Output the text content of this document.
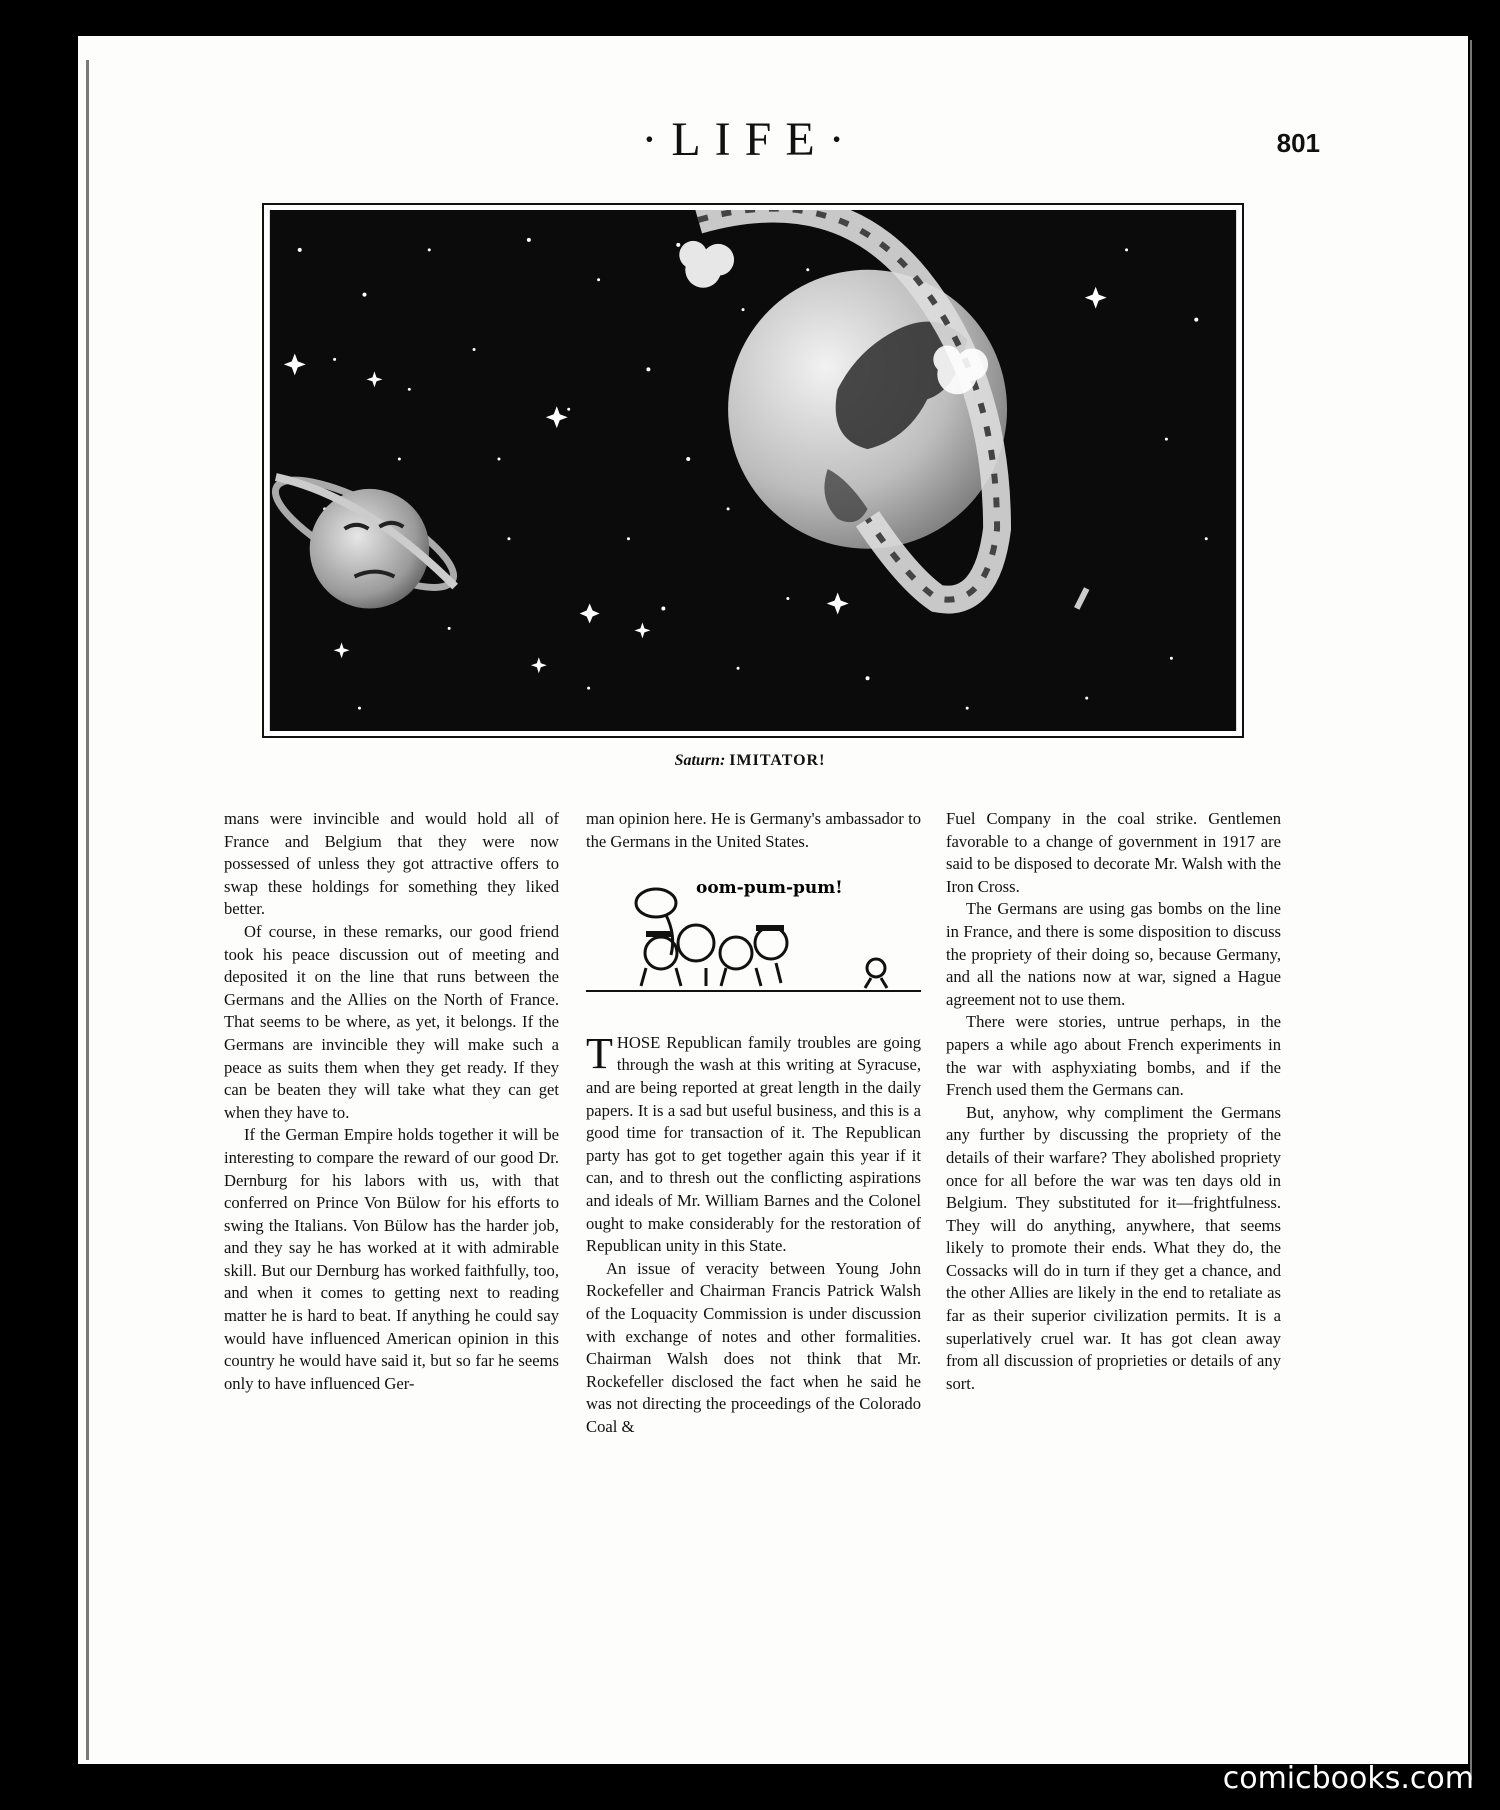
·LIFE·	801
Saturn: IMITATOR!

mans were invincible and would hold all of France and Belgium that they were now possessed of unless they got attractive offers to swap these holdings for something they liked better.

Of course, in these remarks, our good friend took his peace discussion out of meeting and deposited it on the line that runs between the Germans and the Allies on the North of France. That seems to be where, as yet, it belongs. If the Germans are invincible they will make such a peace as suits them when they get ready. If they can be beaten they will take what they can get when they have to.

If the German Empire holds together it will be interesting to compare the reward of our good Dr. Dernburg for his labors with us, with that conferred on Prince Von Bülow for his efforts to swing the Italians. Von Bülow has the harder job, and they say he has worked at it with admirable skill. But our Dernburg has worked faithfully, too, and when it comes to getting next to reading matter he is hard to beat. If anything he could say would have influenced American opinion in this country he would have said it, but so far he seems only to have influenced Ger-

man opinion here. He is Germany's ambassador to the Germans in the United States.

oom-pum-pum!

THOSE Republican family troubles are going through the wash at this writing at Syracuse, and are being reported at great length in the daily papers. It is a sad but useful business, and this is a good time for transaction of it. The Republican party has got to get together again this year if it can, and to thresh out the conflicting aspirations and ideals of Mr. William Barnes and the Colonel ought to make considerably for the restoration of Republican unity in this State.

An issue of veracity between Young John Rockefeller and Chairman Francis Patrick Walsh of the Loquacity Commission is under discussion with exchange of notes and other formalities. Chairman Walsh does not think that Mr. Rockefeller disclosed the fact when he said he was not directing the proceedings of the Colorado Coal &

Fuel Company in the coal strike. Gentlemen favorable to a change of government in 1917 are said to be disposed to decorate Mr. Walsh with the Iron Cross.

The Germans are using gas bombs on the line in France, and there is some disposition to discuss the propriety of their doing so, because Germany, and all the nations now at war, signed a Hague agreement not to use them.

There were stories, untrue perhaps, in the papers a while ago about French experiments in the war with asphyxiating bombs, and if the French used them the Germans can.

But, anyhow, why compliment the Germans any further by discussing the propriety of the details of their warfare? They abolished propriety once for all before the war was ten days old in Belgium. They substituted for it—frightfulness. They will do anything, anywhere, that seems likely to promote their ends. What they do, the Cossacks will do in turn if they get a chance, and the other Allies are likely in the end to retaliate as far as their superior civilization permits. It is a superlatively cruel war. It has got clean away from all discussion of proprieties or details of any sort.

comicbooks.com
